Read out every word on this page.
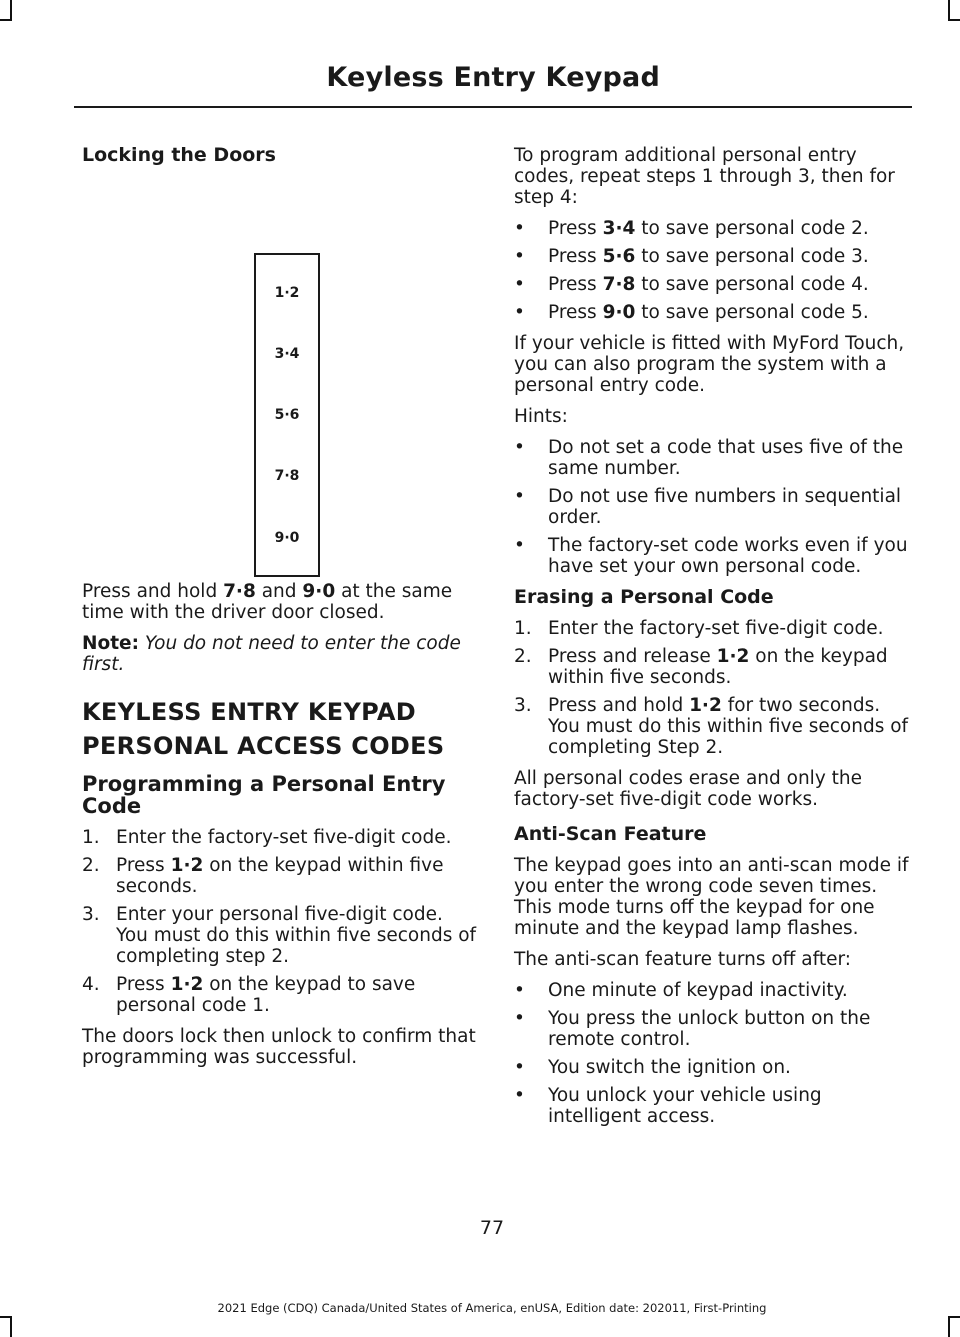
Keyless Entry Keypad
Locking the Doors
1·2
3·4
5·6
7·8
9·0

Press and hold 7·8 and 9·0 at the same time with the driver door closed.

Note: You do not need to enter the code first.

KEYLESS ENTRY KEYPAD
PERSONAL ACCESS CODES
Programming a Personal Entry Code
1. Enter the factory-set five-digit code.
2. Press 1·2 on the keypad within five seconds.
3. Enter your personal five-digit code. You must do this within five seconds of completing step 2.
4. Press 1·2 on the keypad to save personal code 1.

The doors lock then unlock to confirm that programming was successful.

To program additional personal entry codes, repeat steps 1 through 3, then for step 4:

• Press 3·4 to save personal code 2.
• Press 5·6 to save personal code 3.
• Press 7·8 to save personal code 4.
• Press 9·0 to save personal code 5.

If your vehicle is fitted with MyFord Touch, you can also program the system with a personal entry code.

Hints:

• Do not set a code that uses five of the same number.
• Do not use five numbers in sequential order.
• The factory-set code works even if you have set your own personal code.
Erasing a Personal Code
1. Enter the factory-set five-digit code.
2. Press and release 1·2 on the keypad within five seconds.
3. Press and hold 1·2 for two seconds. You must do this within five seconds of completing Step 2.

All personal codes erase and only the factory-set five-digit code works.

Anti-Scan Feature

The keypad goes into an anti-scan mode if you enter the wrong code seven times. This mode turns off the keypad for one minute and the keypad lamp flashes.

The anti-scan feature turns off after:

• One minute of keypad inactivity.
• You press the unlock button on the remote control.
• You switch the ignition on.
• You unlock your vehicle using intelligent access.
77
2021 Edge (CDQ) Canada/United States of America, enUSA, Edition date: 202011, First-Printing
